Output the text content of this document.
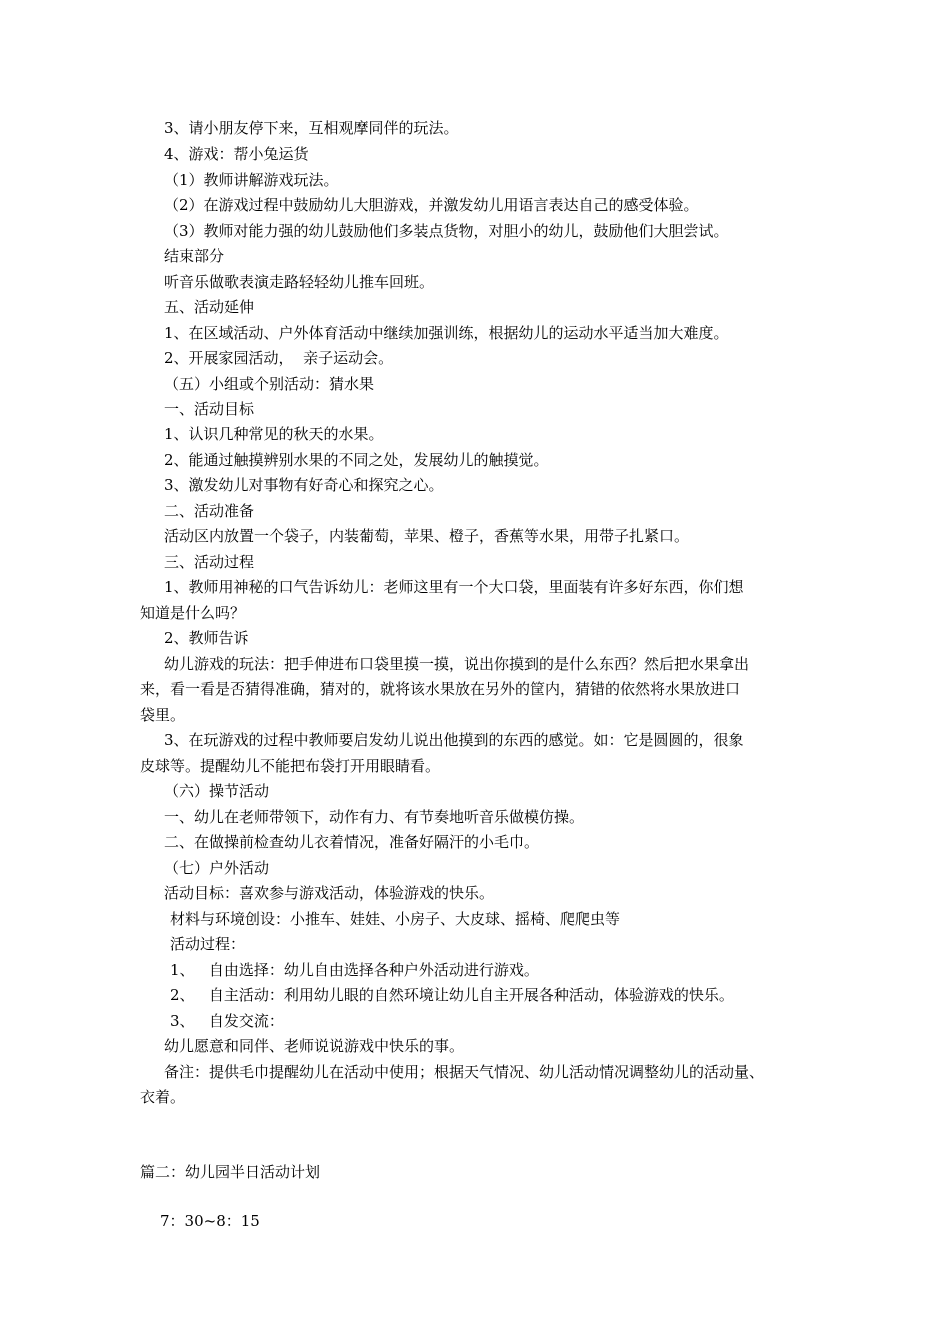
3、请小朋友停下来，互相观摩同伴的玩法。
4、游戏：帮小兔运货
（1）教师讲解游戏玩法。
（2）在游戏过程中鼓励幼儿大胆游戏，并激发幼儿用语言表达自己的感受体验。
（3）教师对能力强的幼儿鼓励他们多装点货物，对胆小的幼儿，鼓励他们大胆尝试。
结束部分
听音乐做歌表演走路轻轻幼儿推车回班。
五、活动延伸
1、在区域活动、户外体育活动中继续加强训练，根据幼儿的运动水平适当加大难度。
2、开展家园活动，  亲子运动会。
（五）小组或个别活动：猜水果
一、活动目标
1、认识几种常见的秋天的水果。
2、能通过触摸辨别水果的不同之处，发展幼儿的触摸觉。
3、激发幼儿对事物有好奇心和探究之心。
二、活动准备
活动区内放置一个袋子，内装葡萄，苹果、橙子，香蕉等水果，用带子扎紧口。
三、活动过程
1、教师用神秘的口气告诉幼儿：老师这里有一个大口袋，里面装有许多好东西，你们想
知道是什么吗？
2、教师告诉
幼儿游戏的玩法：把手伸进布口袋里摸一摸，说出你摸到的是什么东西？然后把水果拿出
来，看一看是否猜得准确，猜对的，就将该水果放在另外的筐内，猜错的依然将水果放进口
袋里。
3、在玩游戏的过程中教师要启发幼儿说出他摸到的东西的感觉。如：它是圆圆的，很象
皮球等。提醒幼儿不能把布袋打开用眼睛看。
（六）操节活动
一、幼儿在老师带领下，动作有力、有节奏地听音乐做模仿操。
二、在做操前检查幼儿衣着情况，准备好隔汗的小毛巾。
（七）户外活动
活动目标：喜欢参与游戏活动，体验游戏的快乐。
材料与环境创设：小推车、娃娃、小房子、大皮球、摇椅、爬爬虫等
活动过程：
1、   自由选择：幼儿自由选择各种户外活动进行游戏。
2、   自主活动：利用幼儿眼的自然环境让幼儿自主开展各种活动，体验游戏的快乐。
3、   自发交流：
幼儿愿意和同伴、老师说说游戏中快乐的事。
备注：提供毛巾提醒幼儿在活动中使用；根据天气情况、幼儿活动情况调整幼儿的活动量、
衣着。
篇二：幼儿园半日活动计划
7：30~8：15
